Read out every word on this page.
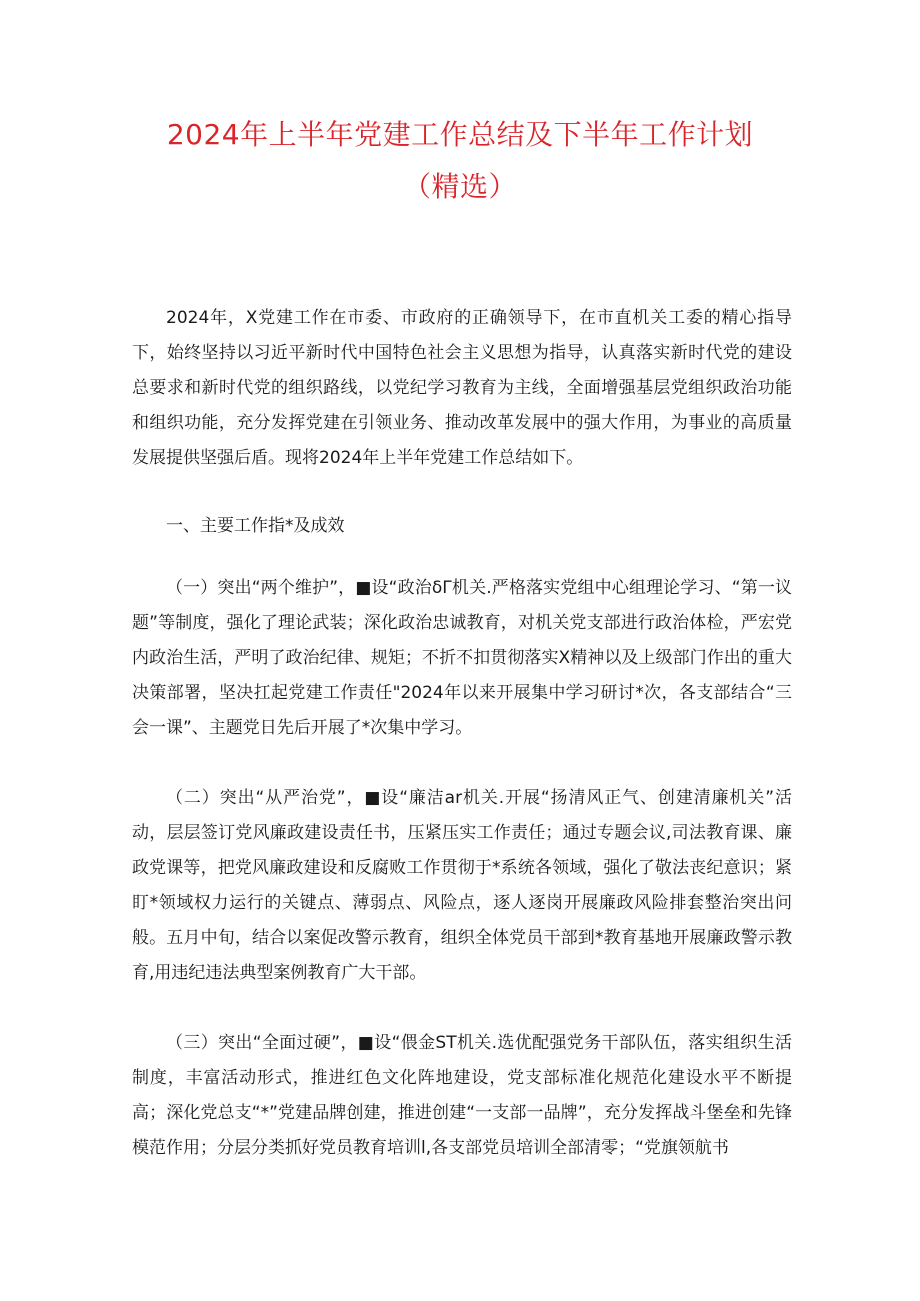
2024年上半年党建工作总结及下半年工作计划
（精选）

2024年，X党建工作在市委、市政府的正确领导下，在市直机关工委的精心指导下，始终坚持以习近平新时代中国特色社会主义思想为指导，认真落实新时代党的建设总要求和新时代党的组织路线，以党纪学习教育为主线，全面增强基层党组织政治功能和组织功能，充分发挥党建在引领业务、推动改革发展中的强大作用，为事业的高质量发展提供坚强后盾。现将2024年上半年党建工作总结如下。

一、主要工作指*及成效

（一）突出“两个维护”，■设“政治δΓ机关.严格落实党组中心组理论学习、“第一议题”等制度，强化了理论武装；深化政治忠诚教育，对机关党支部进行政治体检，严宏党内政治生活，严明了政治纪律、规矩；不折不扣贯彻落实X精神以及上级部门作出的重大决策部署，坚决扛起党建工作责任"2024年以来开展集中学习研讨*次，各支部结合“三会一课”、主题党日先后开展了*次集中学习。

（二）突出“从严治党”，■设“廉洁ar机关.开展“扬清风正气、创建清廉机关”活动，层层签订党风廉政建设责任书，压紧压实工作责任；通过专题会议,司法教育课、廉政党课等，把党风廉政建设和反腐败工作贯彻于*系统各领域，强化了敬法丧纪意识；紧盯*领域权力运行的关键点、薄弱点、风险点，逐人逐岗开展廉政风险排套整治突出问般。五月中旬，结合以案促改警示教育，组织全体党员干部到*教育基地开展廉政警示教育,用违纪违法典型案例教育广大干部。

（三）突出“全面过硬”，■设“偎金ST机关.选优配强党务干部队伍，落实组织生活制度，丰富活动形式，推进红色文化阵地建设，党支部标准化规范化建设水平不断提高；深化党总支“*”党建品牌创建，推进创建“一支部一品牌”，充分发挥战斗堡垒和先锋模范作用；分层分类抓好党员教育培训l,各支部党员培训全部清零；“党旗领航书
